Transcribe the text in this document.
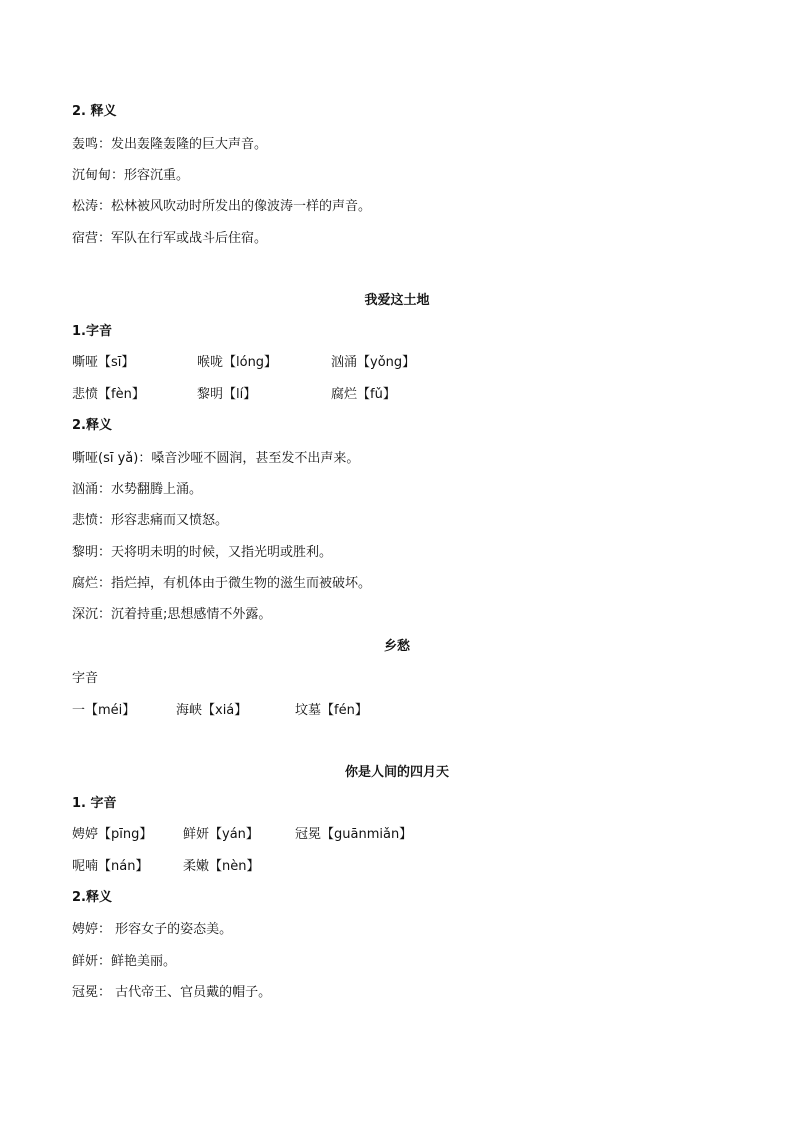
2. 释义
轰鸣：发出轰隆轰隆的巨大声音。
沉甸甸：形容沉重。
松涛：松林被风吹动时所发出的像波涛一样的声音。
宿营：军队在行军或战斗后住宿。
我爱这土地
1.字音
嘶哑【sī】	喉咙【lóng】	汹涌【yǒng】
悲愤【fèn】	黎明【lí】	腐烂【fǔ】
2.释义
嘶哑(sī yǎ)：嗓音沙哑不圆润，甚至发不出声来。
汹涌：水势翻腾上涌。
悲愤：形容悲痛而又愤怒。
黎明：天将明未明的时候，又指光明或胜利。
腐烂：指烂掉，有机体由于微生物的滋生而被破坏。
深沉：沉着持重;思想感情不外露。
乡愁
字音
一【méi】	海峡【xiá】	坟墓【fén】
你是人间的四月天
1. 字音
娉婷【pīng】 鲜妍【yán】	冠冕【guānmiǎn】
呢喃【nán】	柔嫩【nèn】
2.释义
娉婷： 形容女子的姿态美。
鲜妍：鲜艳美丽。
冠冕： 古代帝王、官员戴的帽子。
